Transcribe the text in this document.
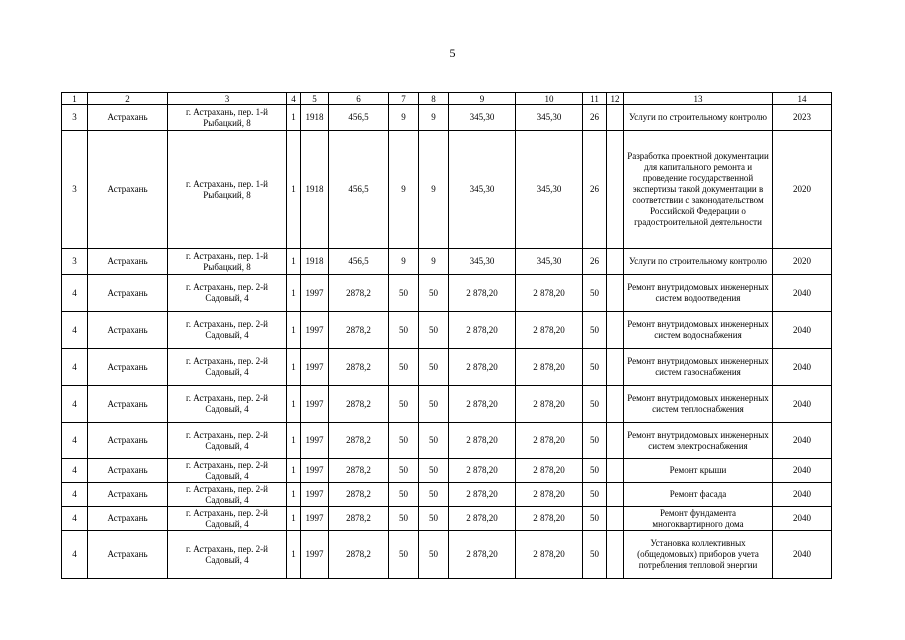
5
1	2	3	4	5	6	7	8	9	10	11	12	13	14
3	Астрахань	г. Астрахань, пер. 1-й Рыбацкий, 8	1	1918	456,5	9	9	345,30	345,30	26		Услуги по строительному контролю	2023
3	Астрахань	г. Астрахань, пер. 1-й Рыбацкий, 8	1	1918	456,5	9	9	345,30	345,30	26		Разработка проектной документации для капитального ремонта и проведение государственной экспертизы такой документации в соответствии с законодательством Российской Федерации о градостроительной деятельности	2020
3	Астрахань	г. Астрахань, пер. 1-й Рыбацкий, 8	1	1918	456,5	9	9	345,30	345,30	26		Услуги по строительному контролю	2020
4	Астрахань	г. Астрахань, пер. 2-й Садовый, 4	1	1997	2878,2	50	50	2 878,20	2 878,20	50		Ремонт внутридомовых инженерных систем водоотведения	2040
4	Астрахань	г. Астрахань, пер. 2-й Садовый, 4	1	1997	2878,2	50	50	2 878,20	2 878,20	50		Ремонт внутридомовых инженерных систем водоснабжения	2040
4	Астрахань	г. Астрахань, пер. 2-й Садовый, 4	1	1997	2878,2	50	50	2 878,20	2 878,20	50		Ремонт внутридомовых инженерных систем газоснабжения	2040
4	Астрахань	г. Астрахань, пер. 2-й Садовый, 4	1	1997	2878,2	50	50	2 878,20	2 878,20	50		Ремонт внутридомовых инженерных систем теплоснабжения	2040
4	Астрахань	г. Астрахань, пер. 2-й Садовый, 4	1	1997	2878,2	50	50	2 878,20	2 878,20	50		Ремонт внутридомовых инженерных систем электроснабжения	2040
4	Астрахань	г. Астрахань, пер. 2-й Садовый, 4	1	1997	2878,2	50	50	2 878,20	2 878,20	50		Ремонт крыши	2040
4	Астрахань	г. Астрахань, пер. 2-й Садовый, 4	1	1997	2878,2	50	50	2 878,20	2 878,20	50		Ремонт фасада	2040
4	Астрахань	г. Астрахань, пер. 2-й Садовый, 4	1	1997	2878,2	50	50	2 878,20	2 878,20	50		Ремонт фундамента многоквартирного дома	2040
4	Астрахань	г. Астрахань, пер. 2-й Садовый, 4	1	1997	2878,2	50	50	2 878,20	2 878,20	50		Установка коллективных (общедомовых) приборов учета потребления тепловой энергии	2040
